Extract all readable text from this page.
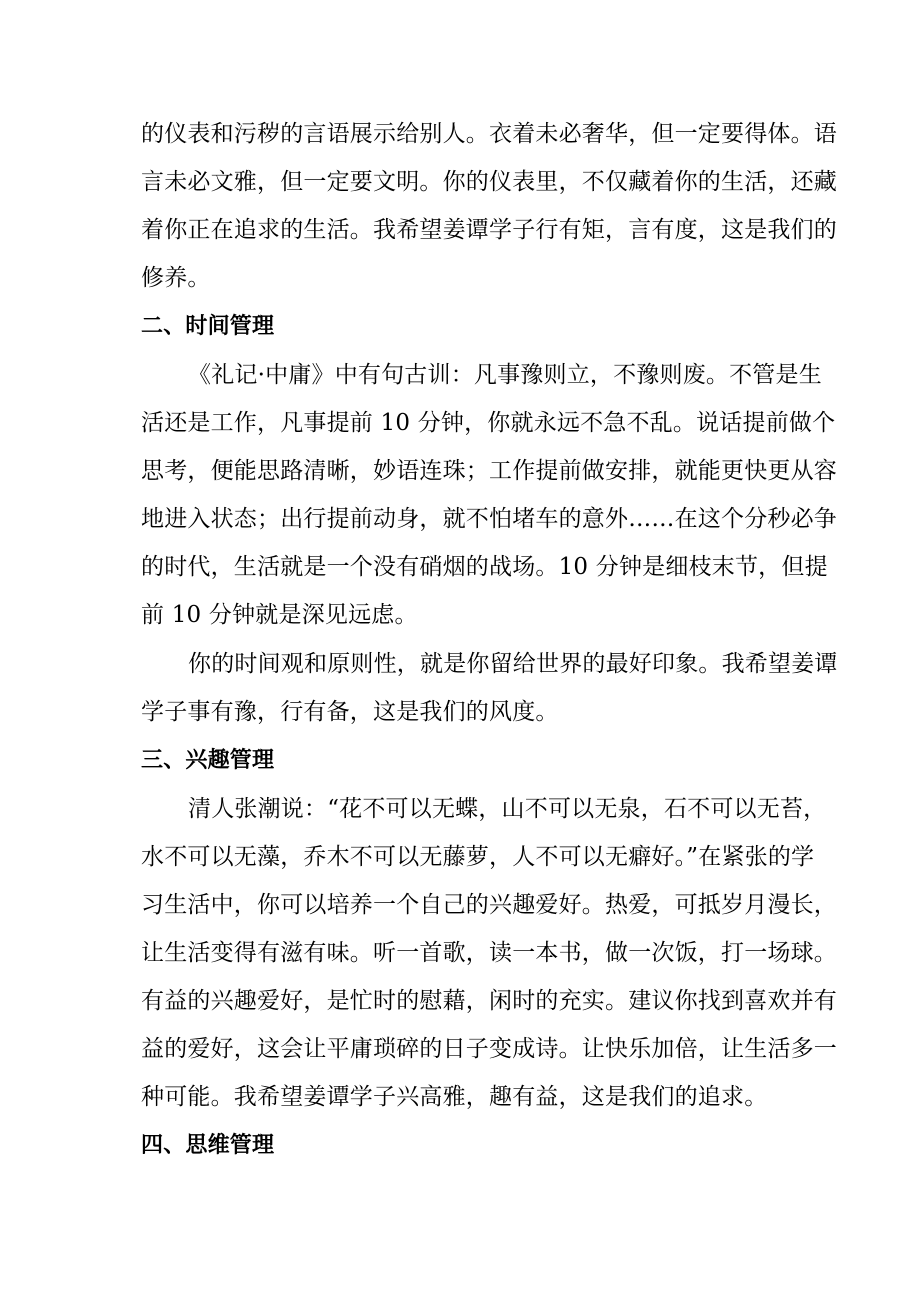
的仪表和污秽的言语展示给别人。衣着未必奢华，但一定要得体。语
言未必文雅，但一定要文明。你的仪表里，不仅藏着你的生活，还藏
着你正在追求的生活。我希望姜谭学子行有矩，言有度，这是我们的
修养。
二、时间管理
《礼记·中庸》中有句古训：凡事豫则立，不豫则废。不管是生
活还是工作，凡事提前 10 分钟，你就永远不急不乱。说话提前做个
思考，便能思路清晰，妙语连珠；工作提前做安排，就能更快更从容
地进入状态；出行提前动身，就不怕堵车的意外……在这个分秒必争
的时代，生活就是一个没有硝烟的战场。10 分钟是细枝末节，但提
前 10 分钟就是深见远虑。
你的时间观和原则性，就是你留给世界的最好印象。我希望姜谭
学子事有豫，行有备，这是我们的风度。
三、兴趣管理
清人张潮说：“花不可以无蝶，山不可以无泉，石不可以无苔，
水不可以无藻，乔木不可以无藤萝，人不可以无癖好。”在紧张的学
习生活中，你可以培养一个自己的兴趣爱好。热爱，可抵岁月漫长，
让生活变得有滋有味。听一首歌，读一本书，做一次饭，打一场球。
有益的兴趣爱好，是忙时的慰藉，闲时的充实。建议你找到喜欢并有
益的爱好，这会让平庸琐碎的日子变成诗。让快乐加倍，让生活多一
种可能。我希望姜谭学子兴高雅，趣有益，这是我们的追求。
四、思维管理
